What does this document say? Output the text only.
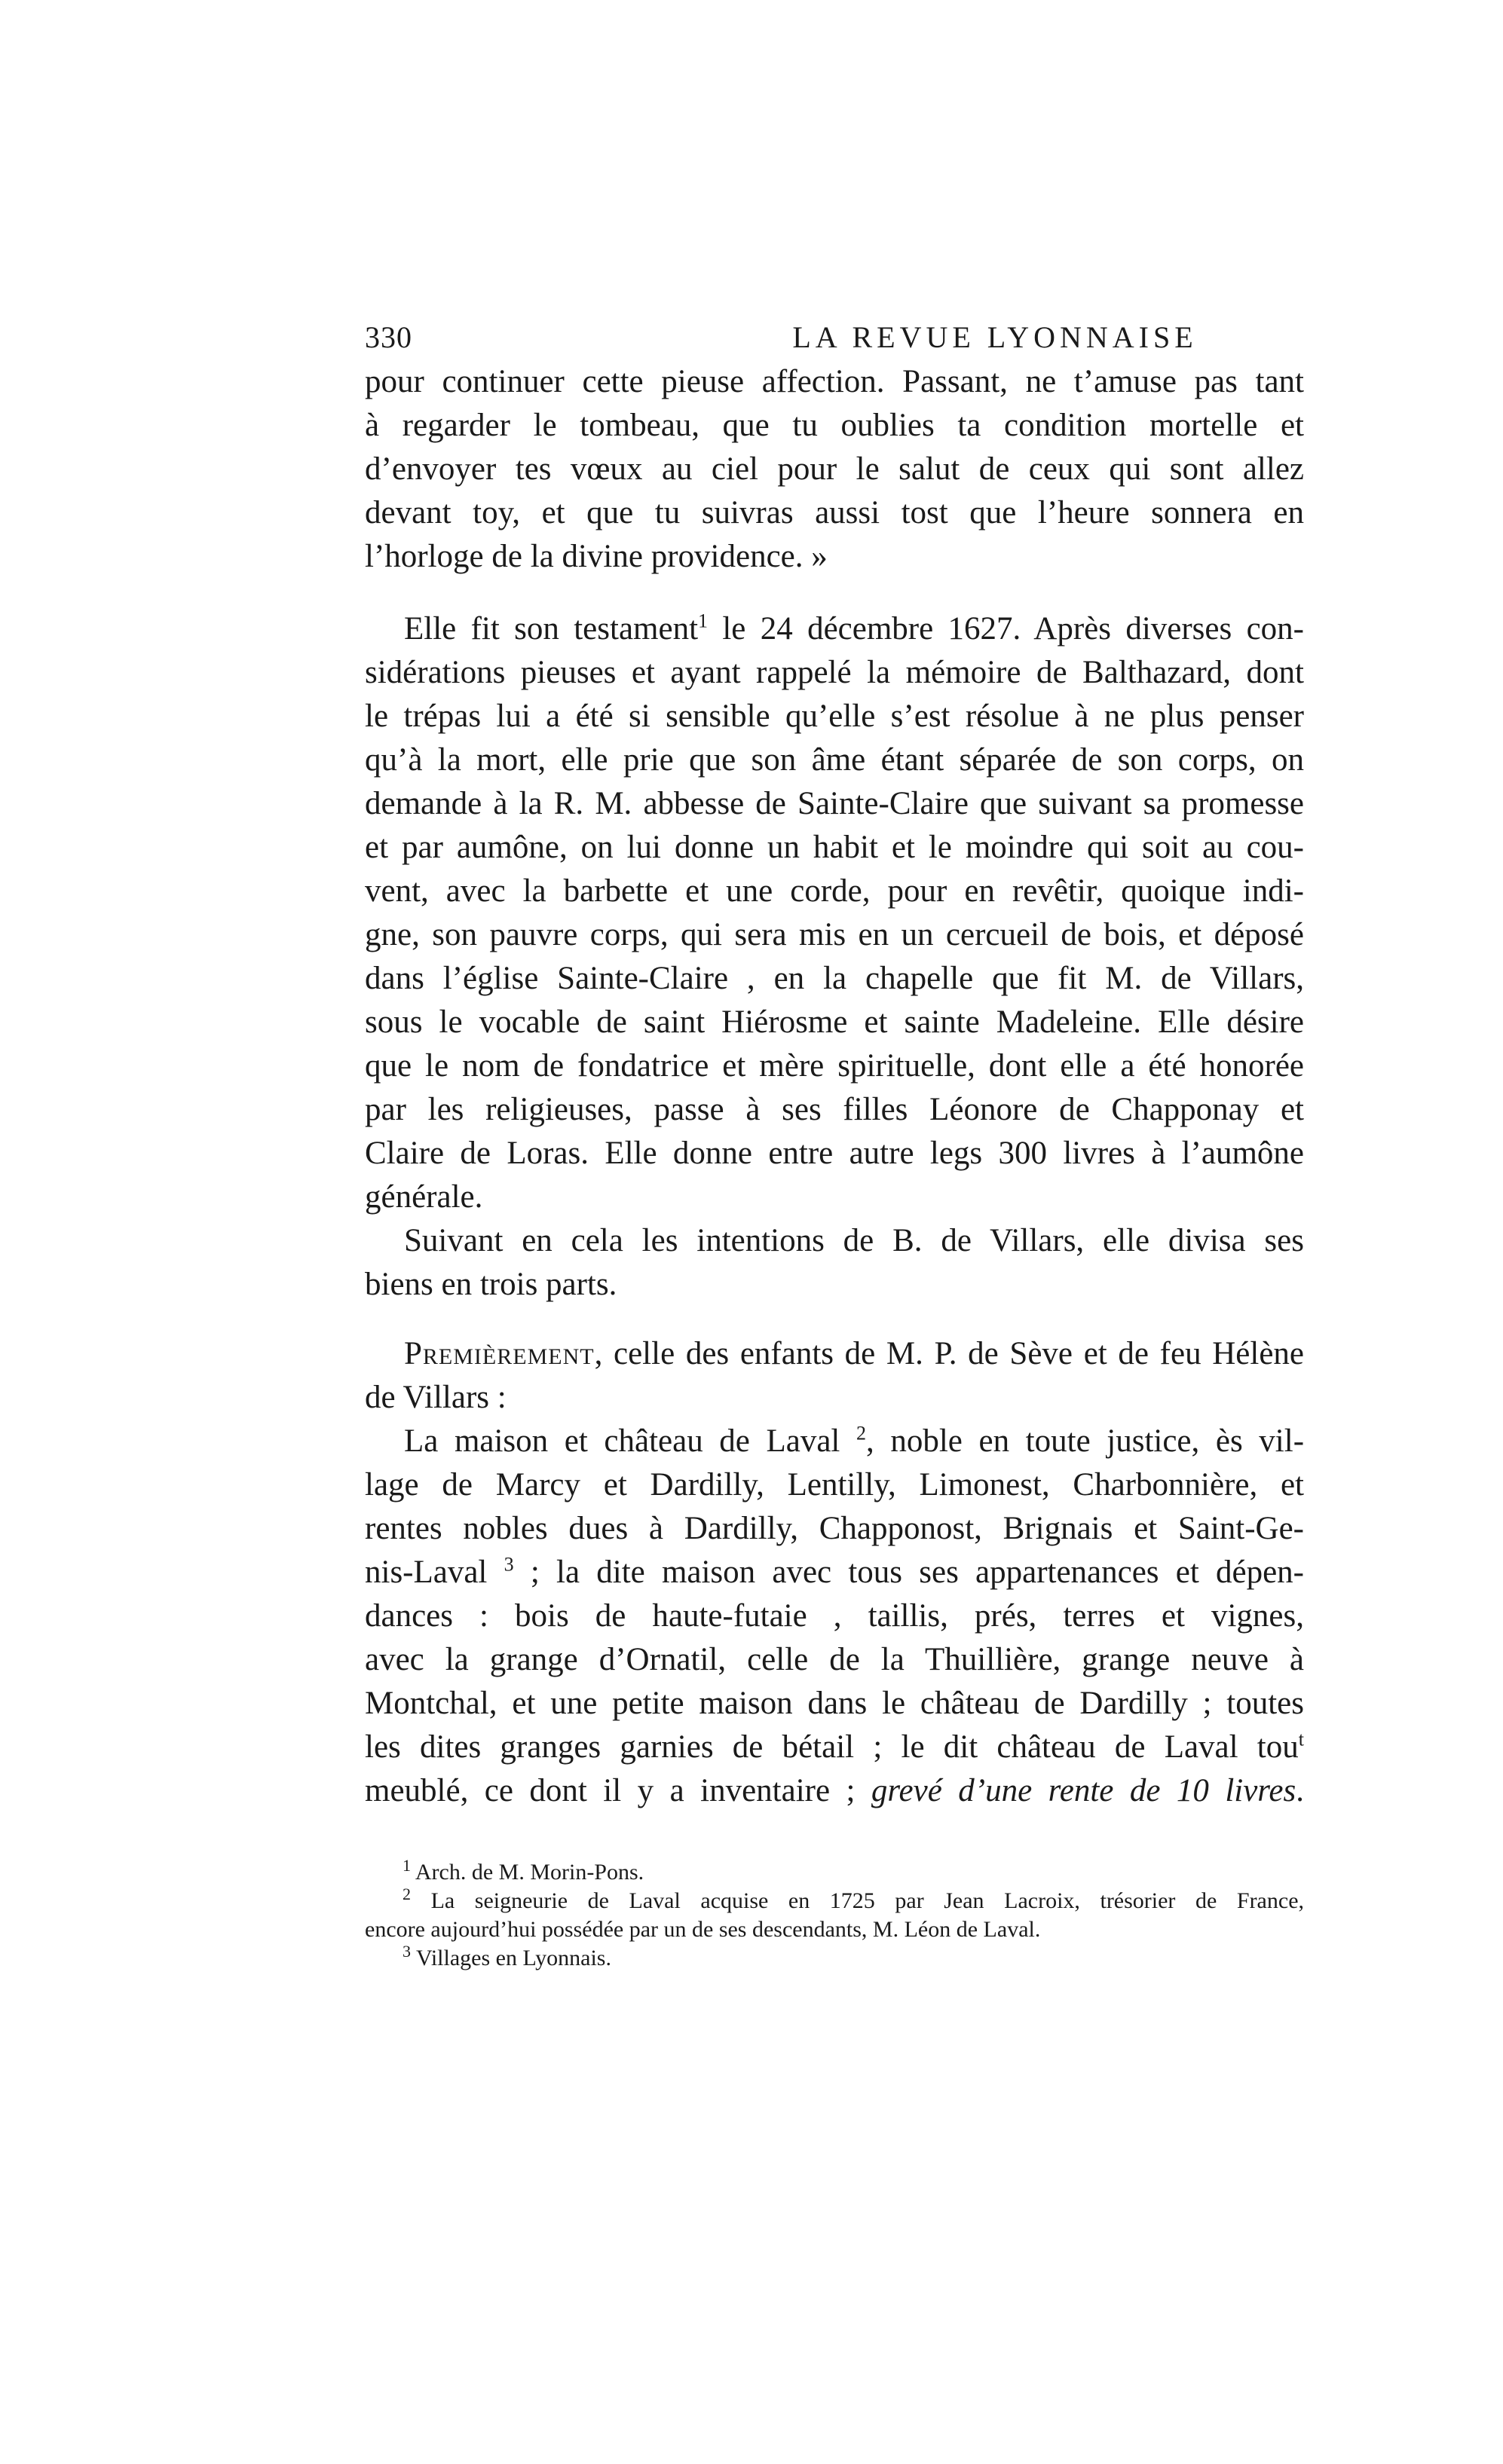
330	LA REVUE LYONNAISE
pour continuer cette pieuse affection. Passant, ne t’amuse pas tant
à regarder le tombeau, que tu oublies ta condition mortelle et
d’envoyer tes vœux au ciel pour le salut de ceux qui sont allez
devant toy, et que tu suivras aussi tost que l’heure sonnera en
l’horloge de la divine providence. »
Elle fit son testament$^1$ le 24 décembre 1627. Après diverses con-
sidérations pieuses et ayant rappelé la mémoire de Balthazard, dont
le trépas lui a été si sensible qu’elle s’est résolue à ne plus penser
qu’à la mort, elle prie que son âme étant séparée de son corps, on
demande à la R. M. abbesse de Sainte-Claire que suivant sa promesse
et par aumône, on lui donne un habit et le moindre qui soit au cou-
vent, avec la barbette et une corde, pour en revêtir, quoique indi-
gne, son pauvre corps, qui sera mis en un cercueil de bois, et déposé
dans l’église Sainte-Claire , en la chapelle que fit M. de Villars,
sous le vocable de saint Hiérosme et sainte Madeleine. Elle désire
que le nom de fondatrice et mère spirituelle, dont elle a été honorée
par les religieuses, passe à ses filles Léonore de Chapponay et
Claire de Loras. Elle donne entre autre legs 300 livres à l’aumône
générale.
Suivant en cela les intentions de B. de Villars, elle divisa ses
biens en trois parts.
Premièrement, celle des enfants de M. P. de Sève et de feu Hélène
de Villars :
La maison et château de Laval $^2$, noble en toute justice, ès vil-
lage de Marcy et Dardilly, Lentilly, Limonest, Charbonnière, et
rentes nobles dues à Dardilly, Chapponost, Brignais et Saint-Ge-
nis-Laval $^3$ ; la dite maison avec tous ses appartenances et dépen-
dances : bois de haute-futaie , taillis, prés, terres et vignes,
avec la grange d’Ornatil, celle de la Thuillière, grange neuve à
Montchal, et une petite maison dans le château de Dardilly ; toutes
les dites granges garnies de bétail ; le dit château de Laval tou$^t$
meublé, ce dont il y a inventaire ; grevé d’une rente de 10 livres.
$^1$ Arch. de M. Morin-Pons.
$^2$ La seigneurie de Laval acquise en 1725 par Jean Lacroix, trésorier de France,
encore aujourd’hui possédée par un de ses descendants, M. Léon de Laval.
$^3$ Villages en Lyonnais.
